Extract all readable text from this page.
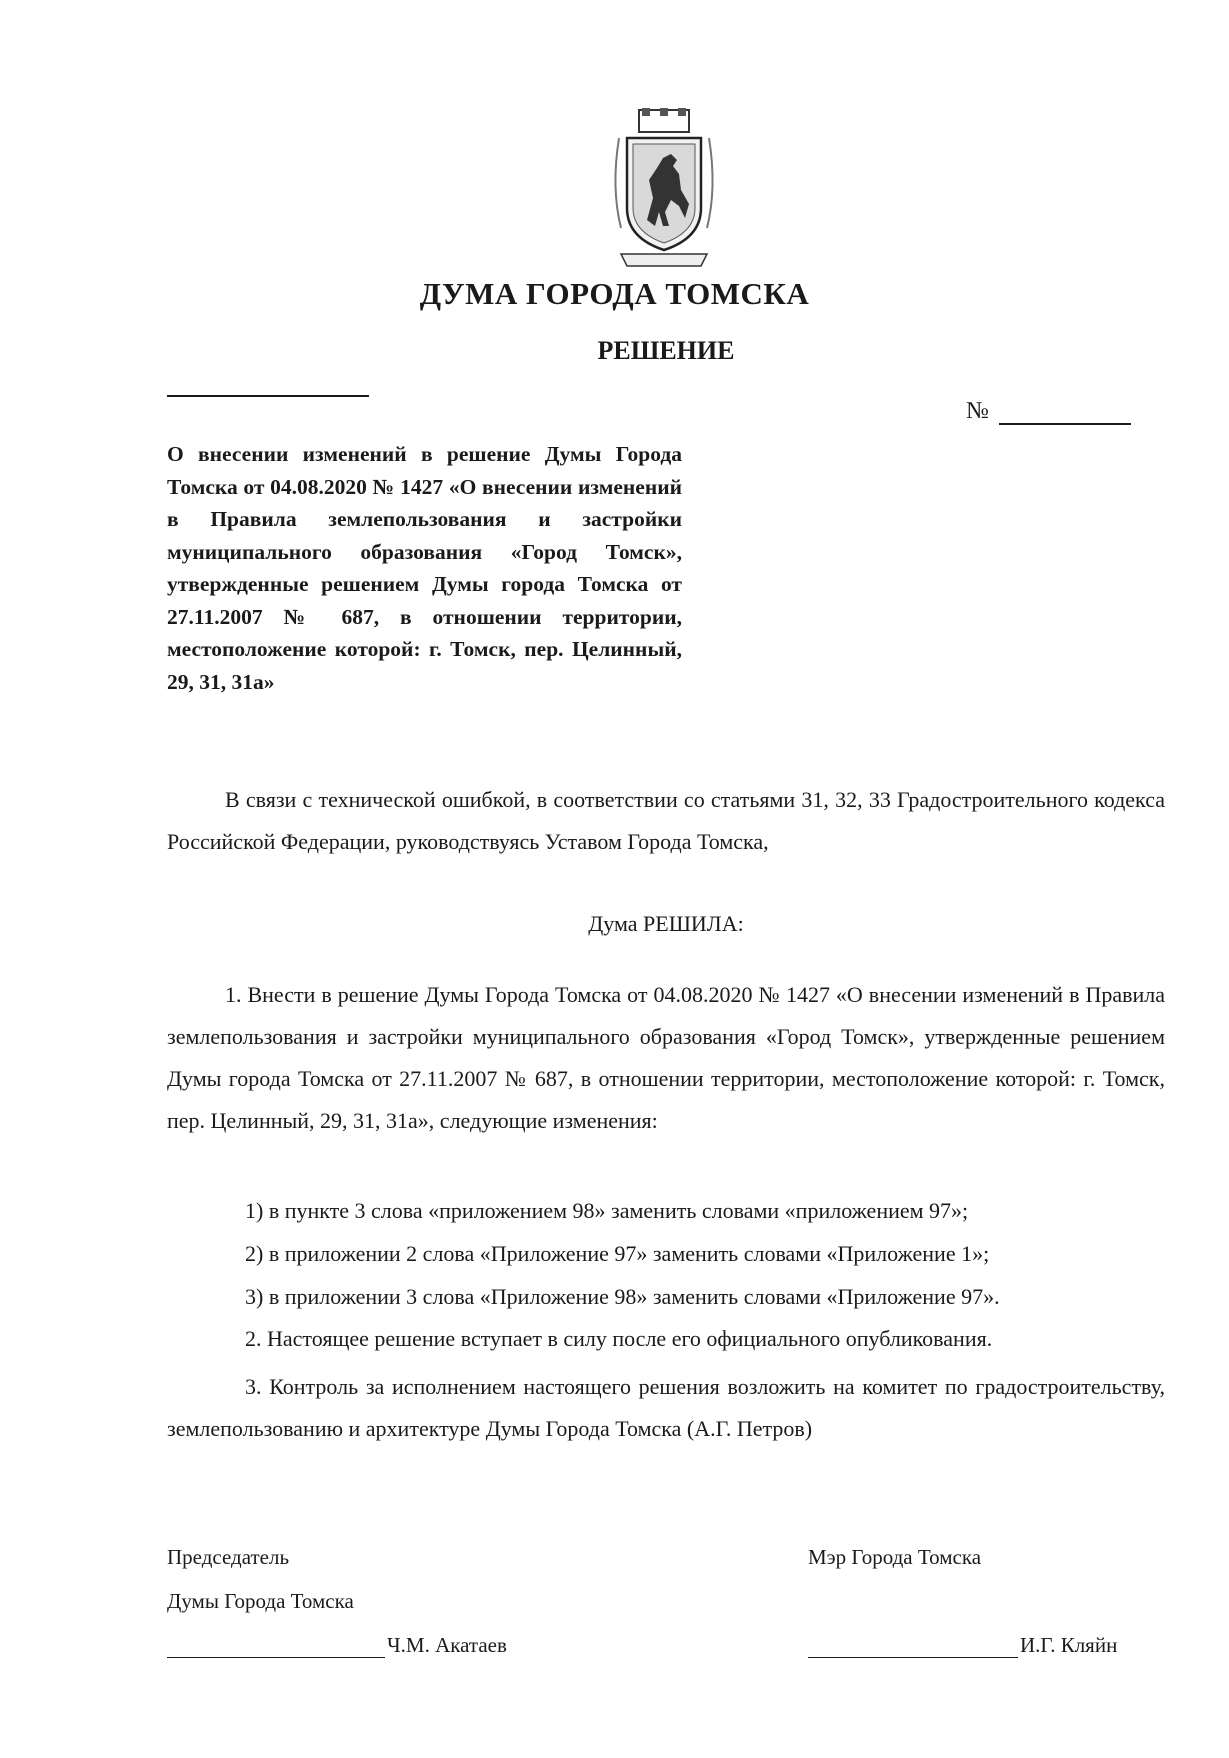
ДУМА ГОРОДА ТОМСКА
РЕШЕНИЕ
№
О внесении изменений в решение Думы Города Томска от 04.08.2020 № 1427 «О внесении изменений в Правила землепользования и застройки муниципального образования «Город Томск», утвержденные решением Думы города Томска от 27.11.2007 № 687, в отношении территории, местоположение которой: г. Томск, пер. Целинный, 29, 31, 31а»
В связи с технической ошибкой, в соответствии со статьями 31, 32, 33 Градостроительного кодекса Российской Федерации, руководствуясь Уставом Города Томска,
Дума РЕШИЛА:
1. Внести в решение Думы Города Томска от 04.08.2020 № 1427 «О внесении изменений в Правила землепользования и застройки муниципального образования «Город Томск», утвержденные решением Думы города Томска от 27.11.2007 № 687, в отношении территории, местоположение которой: г. Томск, пер. Целинный, 29, 31, 31а», следующие изменения:
1) в пункте 3 слова «приложением 98» заменить словами «приложением 97»;
2) в приложении 2 слова «Приложение 97» заменить словами «Приложение 1»;
3) в приложении 3 слова «Приложение 98» заменить словами «Приложение 97».
2. Настоящее решение вступает в силу после его официального опубликования.
3. Контроль за исполнением настоящего решения возложить на комитет по градостроительству, землепользованию и архитектуре Думы Города Томска (А.Г. Петров)
Председатель
Думы Города Томска
Ч.М. Акатаев
Мэр Города Томска
И.Г. Кляйн
